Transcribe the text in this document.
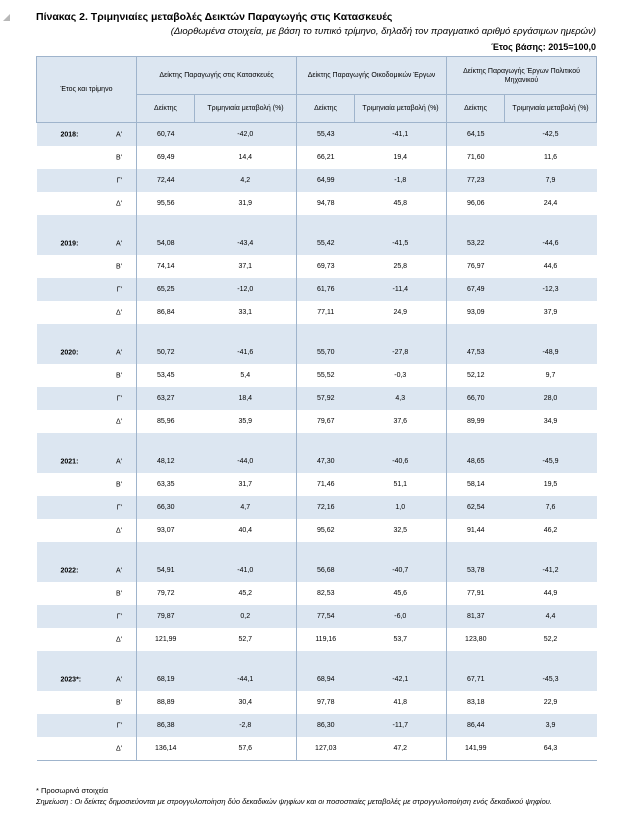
Πίνακας 2. Τριμηνιαίες μεταβολές Δεικτών Παραγωγής στις Κατασκευές
(Διορθωμένα στοιχεία, με βάση το τυπικό τρίμηνο, δηλαδή τον πραγματικό αριθμό εργάσιμων ημερών)
Έτος βάσης: 2015=100,0
Έτος και τρίμηνο	Δείκτης Παραγωγής στις Κατασκευές		Δείκτης Παραγωγής Οικοδομικών Έργων		Δείκτης Παραγωγής Έργων Πολιτικού Μηχανικού	
	Δείκτης	Τριμηνιαία μεταβολή (%)	Δείκτης	Τριμηνιαία μεταβολή (%)	Δείκτης	Τριμηνιαία μεταβολή (%)

2018: Α'	60,74	-42,0	55,43	-41,1	64,15	-42,5

Β'	69,49	14,4	66,21	19,4	71,60	11,6

Γ'	72,44	4,2	64,99	-1,8	77,23	7,9

Δ'	95,56	31,9	94,78	45,8	96,06	24,4

2019: Α'	54,08	-43,4	55,42	-41,5	53,22	-44,6

Β'	74,14	37,1	69,73	25,8	76,97	44,6

Γ'	65,25	-12,0	61,76	-11,4	67,49	-12,3

Δ'	86,84	33,1	77,11	24,9	93,09	37,9

2020: Α'	50,72	-41,6	55,70	-27,8	47,53	-48,9

Β'	53,45	5,4	55,52	-0,3	52,12	9,7

Γ'	63,27	18,4	57,92	4,3	66,70	28,0

Δ'	85,96	35,9	79,67	37,6	89,99	34,9

2021: Α'	48,12	-44,0	47,30	-40,6	48,65	-45,9

Β'	63,35	31,7	71,46	51,1	58,14	19,5

Γ'	66,30	4,7	72,16	1,0	62,54	7,6

Δ'	93,07	40,4	95,62	32,5	91,44	46,2

2022: Α'	54,91	-41,0	56,68	-40,7	53,78	-41,2

Β'	79,72	45,2	82,53	45,6	77,91	44,9

Γ'	79,87	0,2	77,54	-6,0	81,37	4,4

Δ'	121,99	52,7	119,16	53,7	123,80	52,2

2023*: Α'	68,19	-44,1	68,94	-42,1	67,71	-45,3

Β'	88,89	30,4	97,78	41,8	83,18	22,9

Γ'	86,38	-2,8	86,30	-11,7	86,44	3,9

Δ'	136,14	57,6	127,03	47,2	141,99	64,3
* Προσωρινά στοιχεία
Σημείωση : Οι δείκτες δημοσιεύονται με στρογγυλοποίηση δύο δεκαδικών ψηφίων και οι ποσοστιαίες μεταβολές με στρογγυλοποίηση ενός δεκαδικού ψηφίου.
